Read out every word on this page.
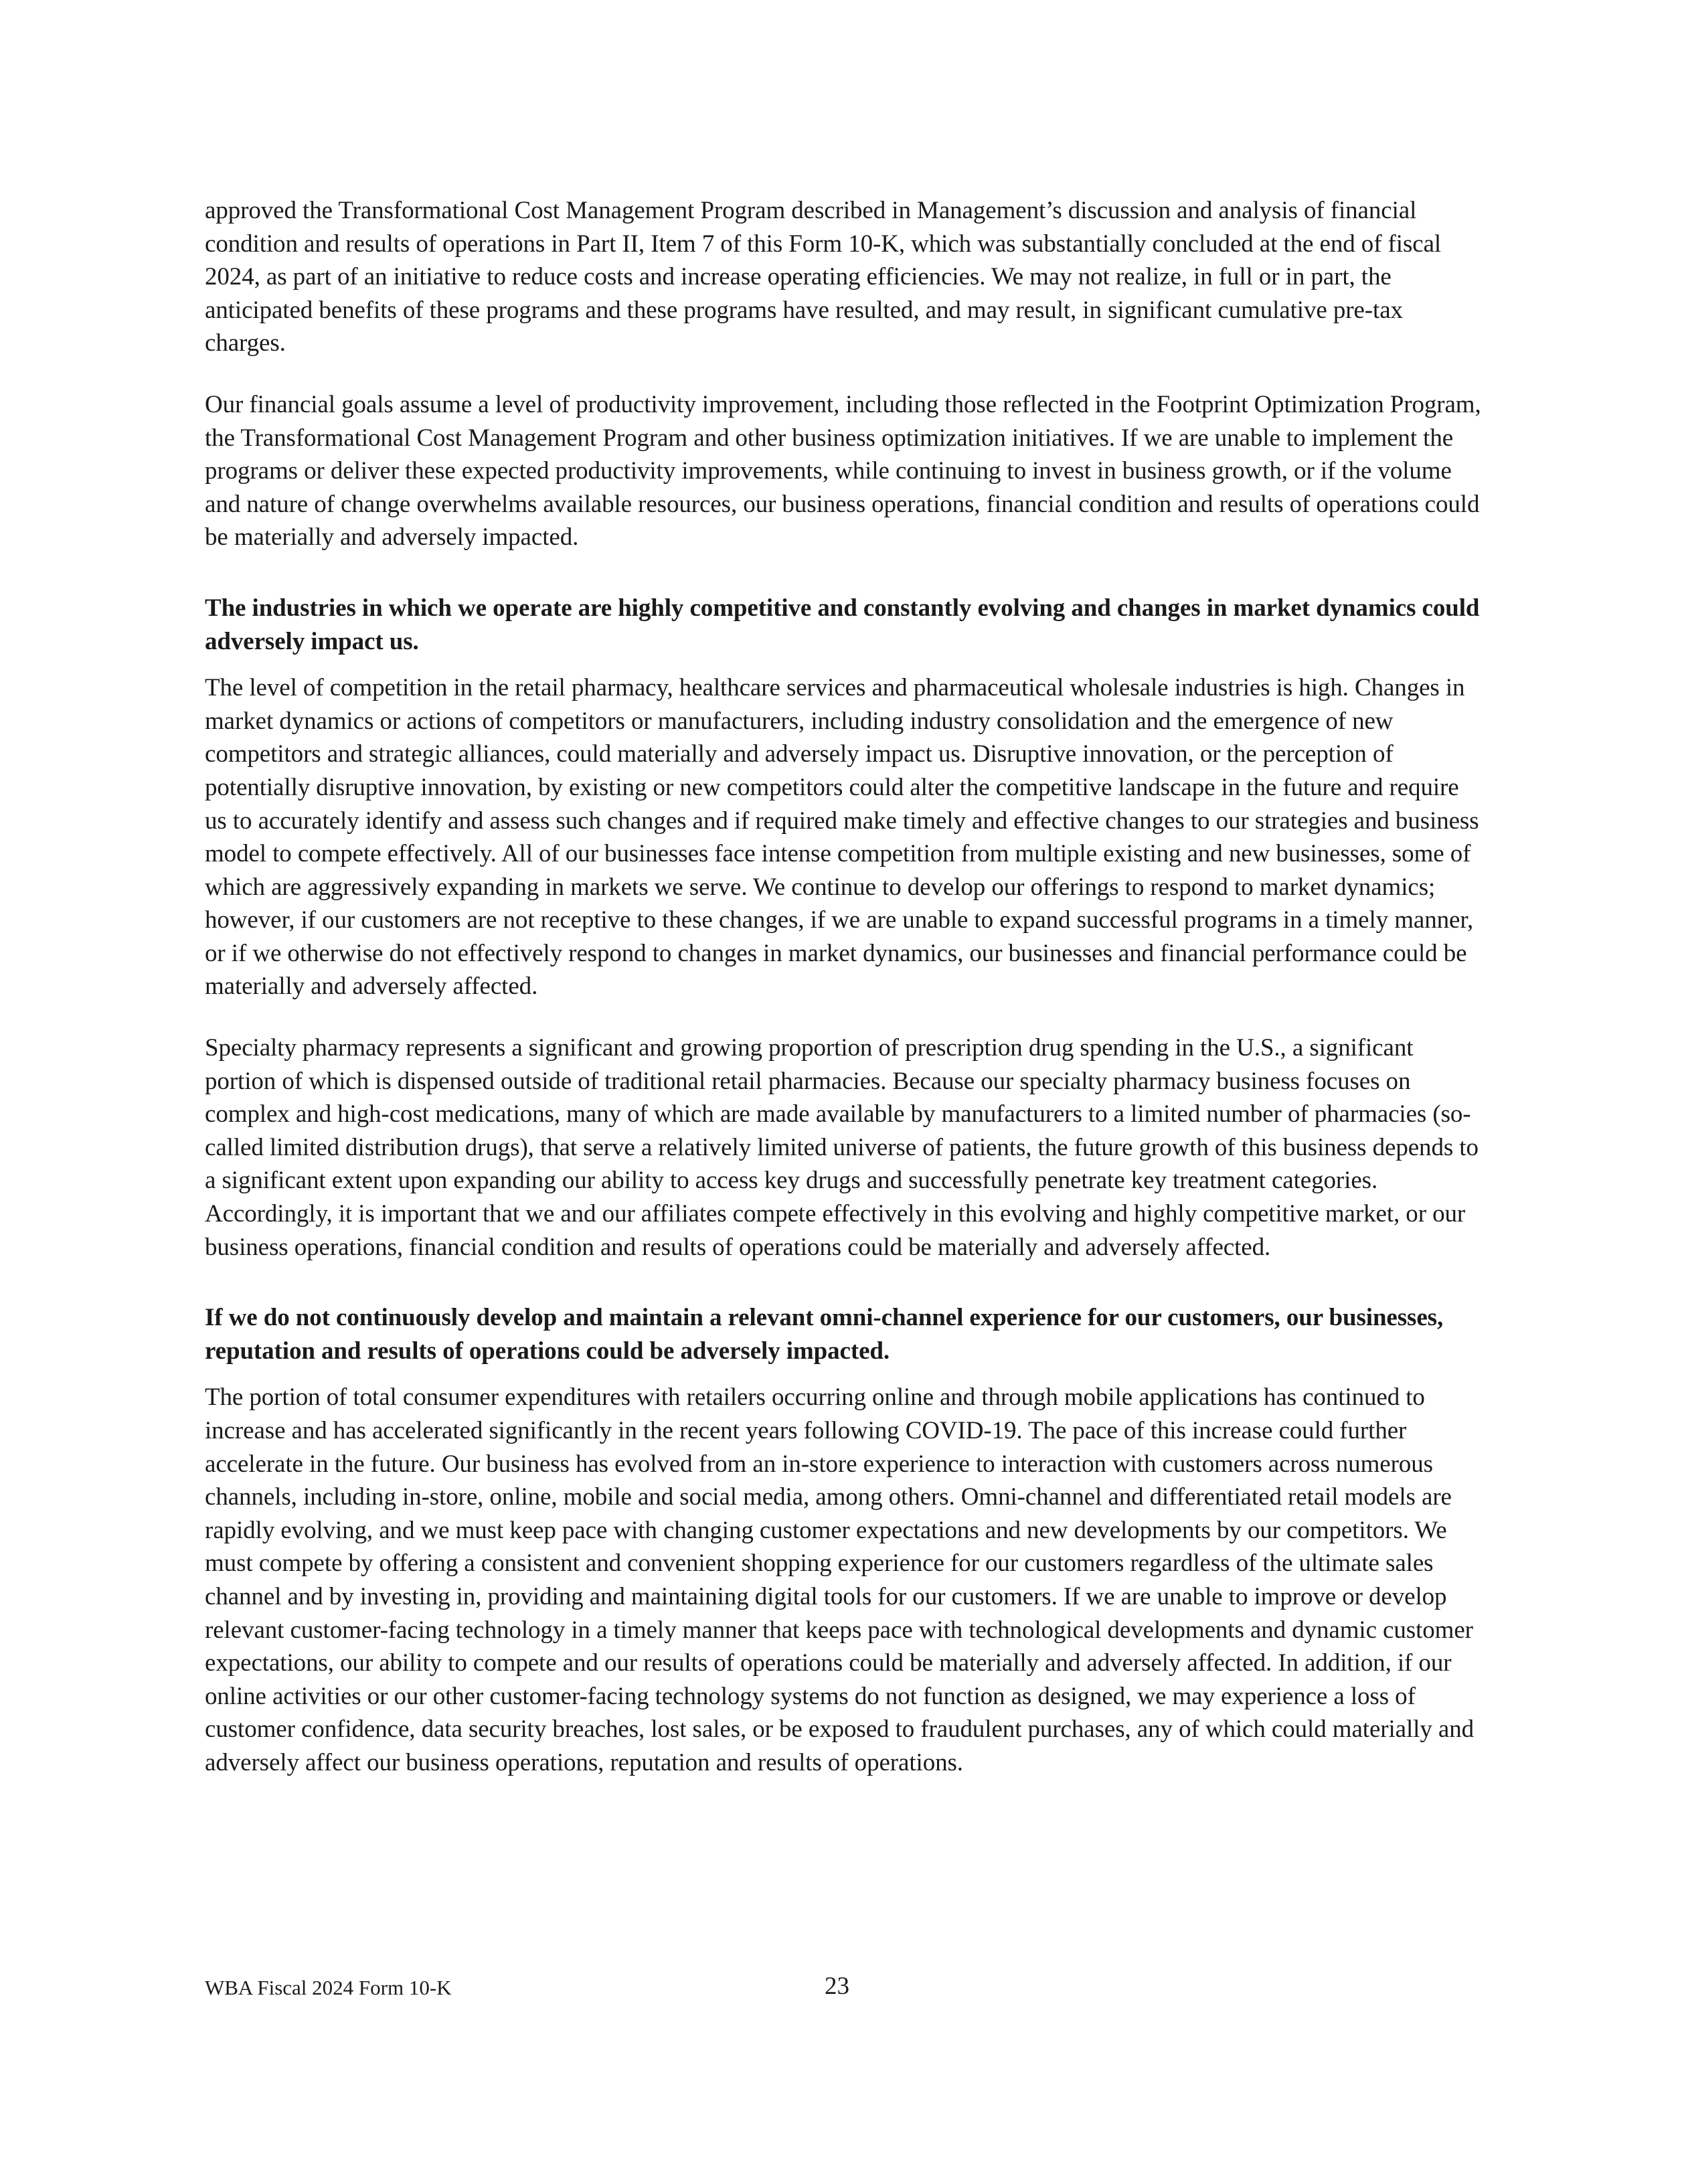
approved the Transformational Cost Management Program described in Management’s discussion and analysis of financial condition and results of operations in Part II, Item 7 of this Form 10-K, which was substantially concluded at the end of fiscal 2024, as part of an initiative to reduce costs and increase operating efficiencies. We may not realize, in full or in part, the anticipated benefits of these programs and these programs have resulted, and may result, in significant cumulative pre-tax charges.

Our financial goals assume a level of productivity improvement, including those reflected in the Footprint Optimization Program, the Transformational Cost Management Program and other business optimization initiatives. If we are unable to implement the programs or deliver these expected productivity improvements, while continuing to invest in business growth, or if the volume and nature of change overwhelms available resources, our business operations, financial condition and results of operations could be materially and adversely impacted.

The industries in which we operate are highly competitive and constantly evolving and changes in market dynamics could adversely impact us.

The level of competition in the retail pharmacy, healthcare services and pharmaceutical wholesale industries is high. Changes in market dynamics or actions of competitors or manufacturers, including industry consolidation and the emergence of new competitors and strategic alliances, could materially and adversely impact us. Disruptive innovation, or the perception of potentially disruptive innovation, by existing or new competitors could alter the competitive landscape in the future and require us to accurately identify and assess such changes and if required make timely and effective changes to our strategies and business model to compete effectively. All of our businesses face intense competition from multiple existing and new businesses, some of which are aggressively expanding in markets we serve. We continue to develop our offerings to respond to market dynamics; however, if our customers are not receptive to these changes, if we are unable to expand successful programs in a timely manner, or if we otherwise do not effectively respond to changes in market dynamics, our businesses and financial performance could be materially and adversely affected.

Specialty pharmacy represents a significant and growing proportion of prescription drug spending in the U.S., a significant portion of which is dispensed outside of traditional retail pharmacies. Because our specialty pharmacy business focuses on complex and high-cost medications, many of which are made available by manufacturers to a limited number of pharmacies (so-called limited distribution drugs), that serve a relatively limited universe of patients, the future growth of this business depends to a significant extent upon expanding our ability to access key drugs and successfully penetrate key treatment categories. Accordingly, it is important that we and our affiliates compete effectively in this evolving and highly competitive market, or our business operations, financial condition and results of operations could be materially and adversely affected.

If we do not continuously develop and maintain a relevant omni-channel experience for our customers, our businesses, reputation and results of operations could be adversely impacted.

The portion of total consumer expenditures with retailers occurring online and through mobile applications has continued to increase and has accelerated significantly in the recent years following COVID-19. The pace of this increase could further accelerate in the future. Our business has evolved from an in-store experience to interaction with customers across numerous channels, including in-store, online, mobile and social media, among others. Omni-channel and differentiated retail models are rapidly evolving, and we must keep pace with changing customer expectations and new developments by our competitors. We must compete by offering a consistent and convenient shopping experience for our customers regardless of the ultimate sales channel and by investing in, providing and maintaining digital tools for our customers. If we are unable to improve or develop relevant customer-facing technology in a timely manner that keeps pace with technological developments and dynamic customer expectations, our ability to compete and our results of operations could be materially and adversely affected. In addition, if our online activities or our other customer-facing technology systems do not function as designed, we may experience a loss of customer confidence, data security breaches, lost sales, or be exposed to fraudulent purchases, any of which could materially and adversely affect our business operations, reputation and results of operations.

WBA Fiscal 2024 Form 10-K	23
